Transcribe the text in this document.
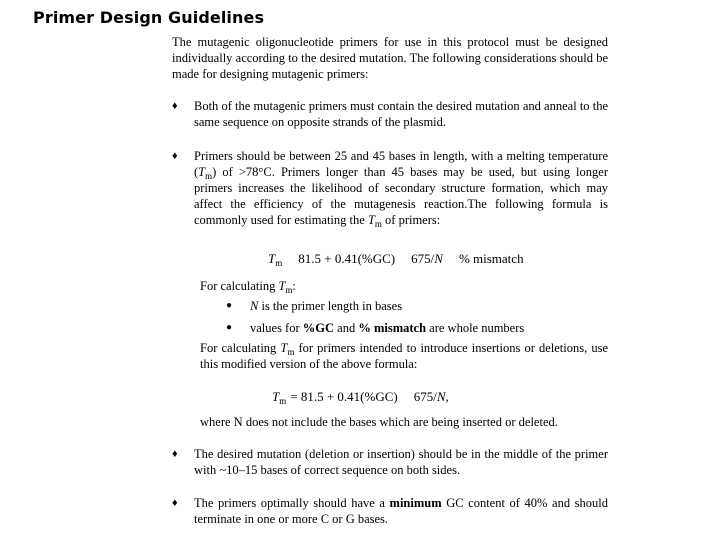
Primer Design Guidelines
The mutagenic oligonucleotide primers for use in this protocol must be designed individually according to the desired mutation. The following considerations should be made for designing mutagenic primers:
♦ Both of the mutagenic primers must contain the desired mutation and anneal to the same sequence on opposite strands of the plasmid.
♦ Primers should be between 25 and 45 bases in length, with a melting temperature $(T_m)$ of >78°C. Primers longer than 45 bases may be used, but using longer primers increases the likelihood of secondary structure formation, which may affect the efficiency of the mutagenesis reaction.The following formula is commonly used for estimating the $T_m$ of primers:
$T_m$ 81.5 + 0.41(%GC) 675/N % mismatch
For calculating $T_m$:
● N is the primer length in bases
● values for %GC and % mismatch are whole numbers
For calculating $T_m$ for primers intended to introduce insertions or deletions, use this modified version of the above formula:
$T_m = 81.5 + 0.41(\%GC)$ 675/N,
where N does not include the bases which are being inserted or deleted.
♦ The desired mutation (deletion or insertion) should be in the middle of the primer with ~10–15 bases of correct sequence on both sides.
♦ The primers optimally should have a minimum GC content of 40% and should terminate in one or more C or G bases.
